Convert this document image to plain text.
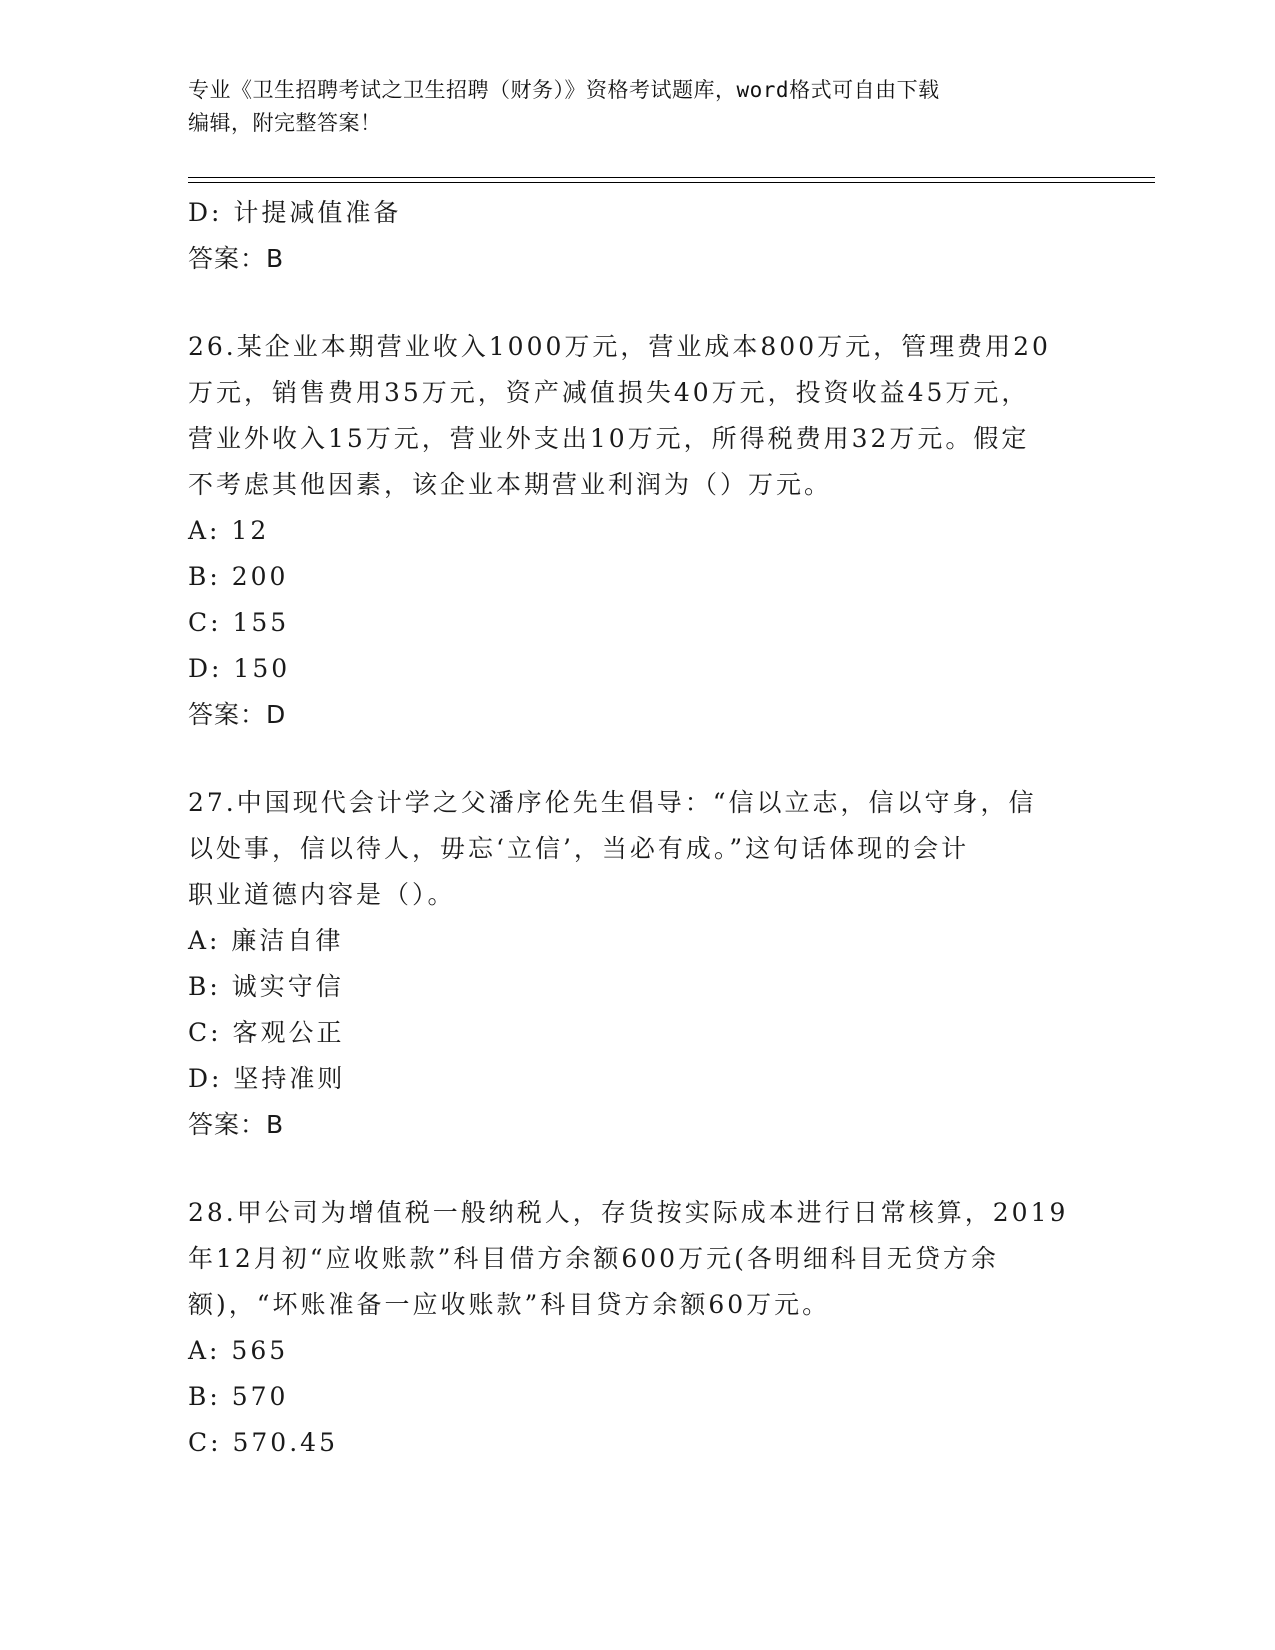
专业《卫生招聘考试之卫生招聘（财务）》资格考试题库，word格式可自由下载
编辑，附完整答案！
D: 计提减值准备
答案：B
26.某企业本期营业收入1000万元，营业成本800万元，管理费用20
万元，销售费用35万元，资产减值损失40万元，投资收益45万元，
营业外收入15万元，营业外支出10万元，所得税费用32万元。假定
不考虑其他因素，该企业本期营业利润为（）万元。
A: 12
B: 200
C: 155
D: 150
答案：D
27.中国现代会计学之父潘序伦先生倡导：“信以立志，信以守身，信
以处事，信以待人，毋忘‘立信’，当必有成。”这句话体现的会计
职业道德内容是（）。
A: 廉洁自律
B: 诚实守信
C: 客观公正
D: 坚持准则
答案：B
28.甲公司为增值税一般纳税人，存货按实际成本进行日常核算，2019
年12月初“应收账款”科目借方余额600万元(各明细科目无贷方余
额)，“坏账准备一应收账款”科目贷方余额60万元。
A: 565
B: 570
C: 570.45
